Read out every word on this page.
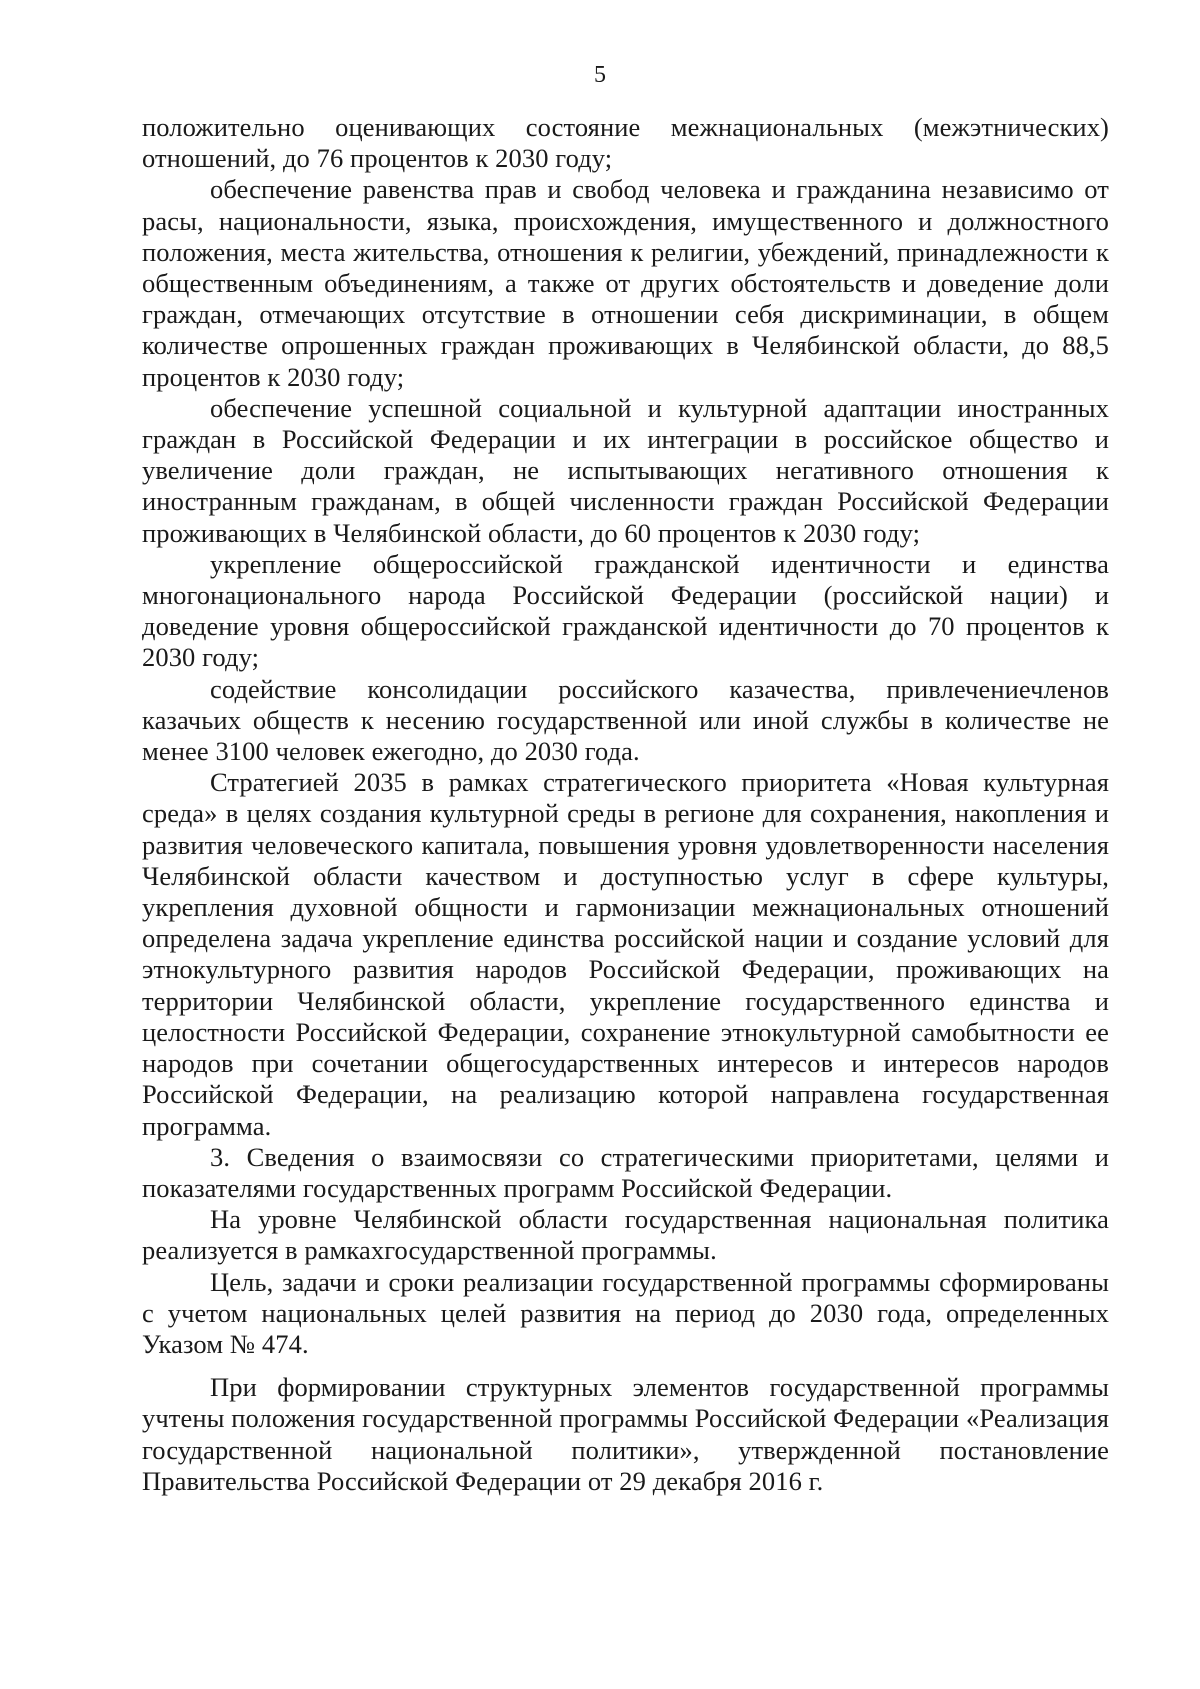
5

положительно оценивающих состояние межнациональных (межэтнических) отношений, до 76 процентов к 2030 году;

обеспечение равенства прав и свобод человека и гражданина независимо от расы, национальности, языка, происхождения, имущественного и должностного положения, места жительства, отношения к религии, убеждений, принадлежности к общественным объединениям, а также от других обстоятельств и доведение доли граждан, отмечающих отсутствие в отношении себя дискриминации, в общем количестве опрошенных граждан проживающих в Челябинской области, до 88,5 процентов к 2030 году;

обеспечение успешной социальной и культурной адаптации иностранных граждан в Российской Федерации и их интеграции в российское общество и увеличение доли граждан, не испытывающих негативного отношения к иностранным гражданам, в общей численности граждан Российской Федерации проживающих в Челябинской области, до 60 процентов к 2030 году;

укрепление общероссийской гражданской идентичности и единства многонационального народа Российской Федерации (российской нации) и доведение уровня общероссийской гражданской идентичности до 70 процентов к 2030 году;

содействие консолидации российского казачества, привлечениечленов казачьих обществ к несению государственной или иной службы в количестве не менее 3100 человек ежегодно, до 2030 года.

Стратегией 2035 в рамках стратегического приоритета «Новая культурная среда» в целях создания культурной среды в регионе для сохранения, накопления и развития человеческого капитала, повышения уровня удовлетворенности населения Челябинской области качеством и доступностью услуг в сфере культуры, укрепления духовной общности и гармонизации межнациональных отношений определена задача укрепление единства российской нации и создание условий для этнокультурного развития народов Российской Федерации, проживающих на территории Челябинской области, укрепление государственного единства и целостности Российской Федерации, сохранение этнокультурной самобытности ее народов при сочетании общегосударственных интересов и интересов народов Российской Федерации, на реализацию которой направлена государственная программа.

3. Сведения о взаимосвязи со стратегическими приоритетами, целями и показателями государственных программ Российской Федерации.

На уровне Челябинской области государственная национальная политика реализуется в рамкахгосударственной программы.

Цель, задачи и сроки реализации государственной программы сформированы с учетом национальных целей развития на период до 2030 года, определенных Указом № 474.

При формировании структурных элементов государственной программы учтены положения государственной программы Российской Федерации «Реализация государственной национальной политики», утвержденной постановление Правительства Российской Федерации от 29 декабря 2016 г.
